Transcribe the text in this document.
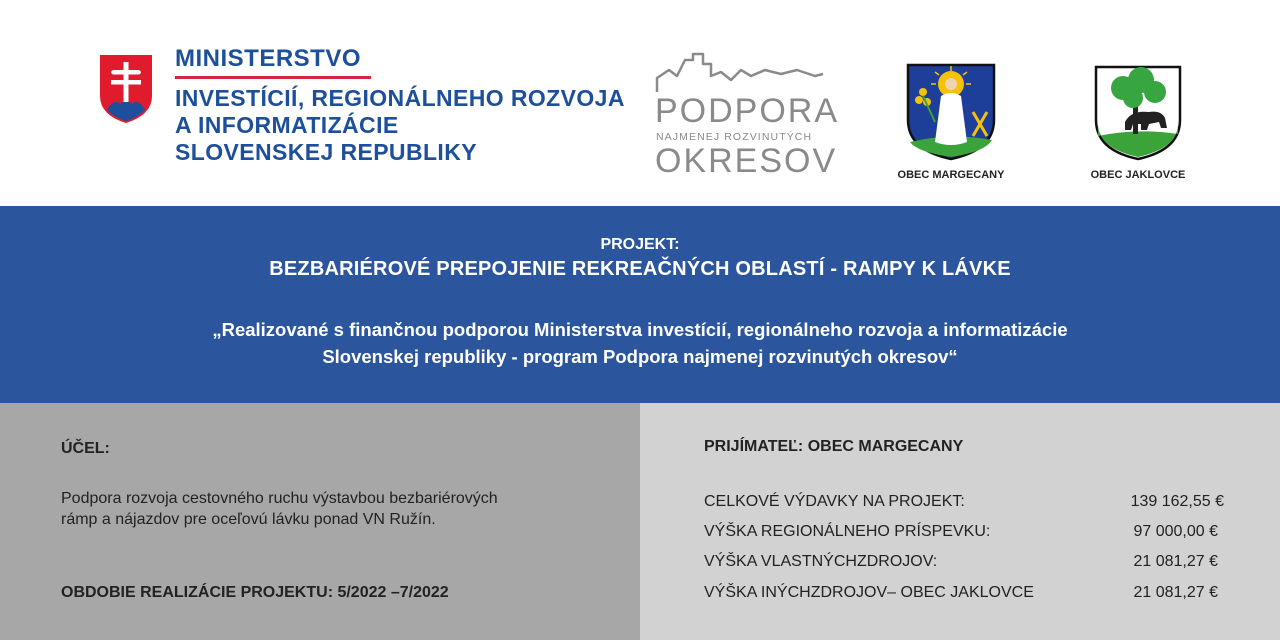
MINISTERSTVO
INVESTÍCIÍ, REGIONÁLNEHO ROZVOJA
A INFORMATIZÁCIE
SLOVENSKEJ REPUBLIKY
PODPORA
NAJMENEJ ROZVINUTÝCH
OKRESOV	OBEC MARGECANY	OBEC JAKLOVCE
PROJEKT:
BEZBARIÉROVÉ PREPOJENIE REKREAČNÝCH OBLASTÍ - RAMPY K LÁVKE
„Realizované s finančnou podporou Ministerstva investícií, regionálneho rozvoja a informatizácie
Slovenskej republiky - program Podpora najmenej rozvinutých okresov“
ÚČEL:
Podpora rozvoja cestovného ruchu výstavbou bezbariérových rámp a nájazdov pre oceľovú lávku ponad VN Ružín.
OBDOBIE REALIZÁCIE PROJEKTU: 5/2022 –7/2022
PRIJÍMATEĽ: OBEC MARGECANY
CELKOVÉ VÝDAVKY NA PROJEKT:	139 162,55 €
VÝŠKA REGIONÁLNEHO PRÍSPEVKU:	97 000,00 €
VÝŠKA VLASTNÝCHZDROJOV:	21 081,27 €
VÝŠKA INÝCHZDROJOV– OBEC JAKLOVCE	21 081,27 €
